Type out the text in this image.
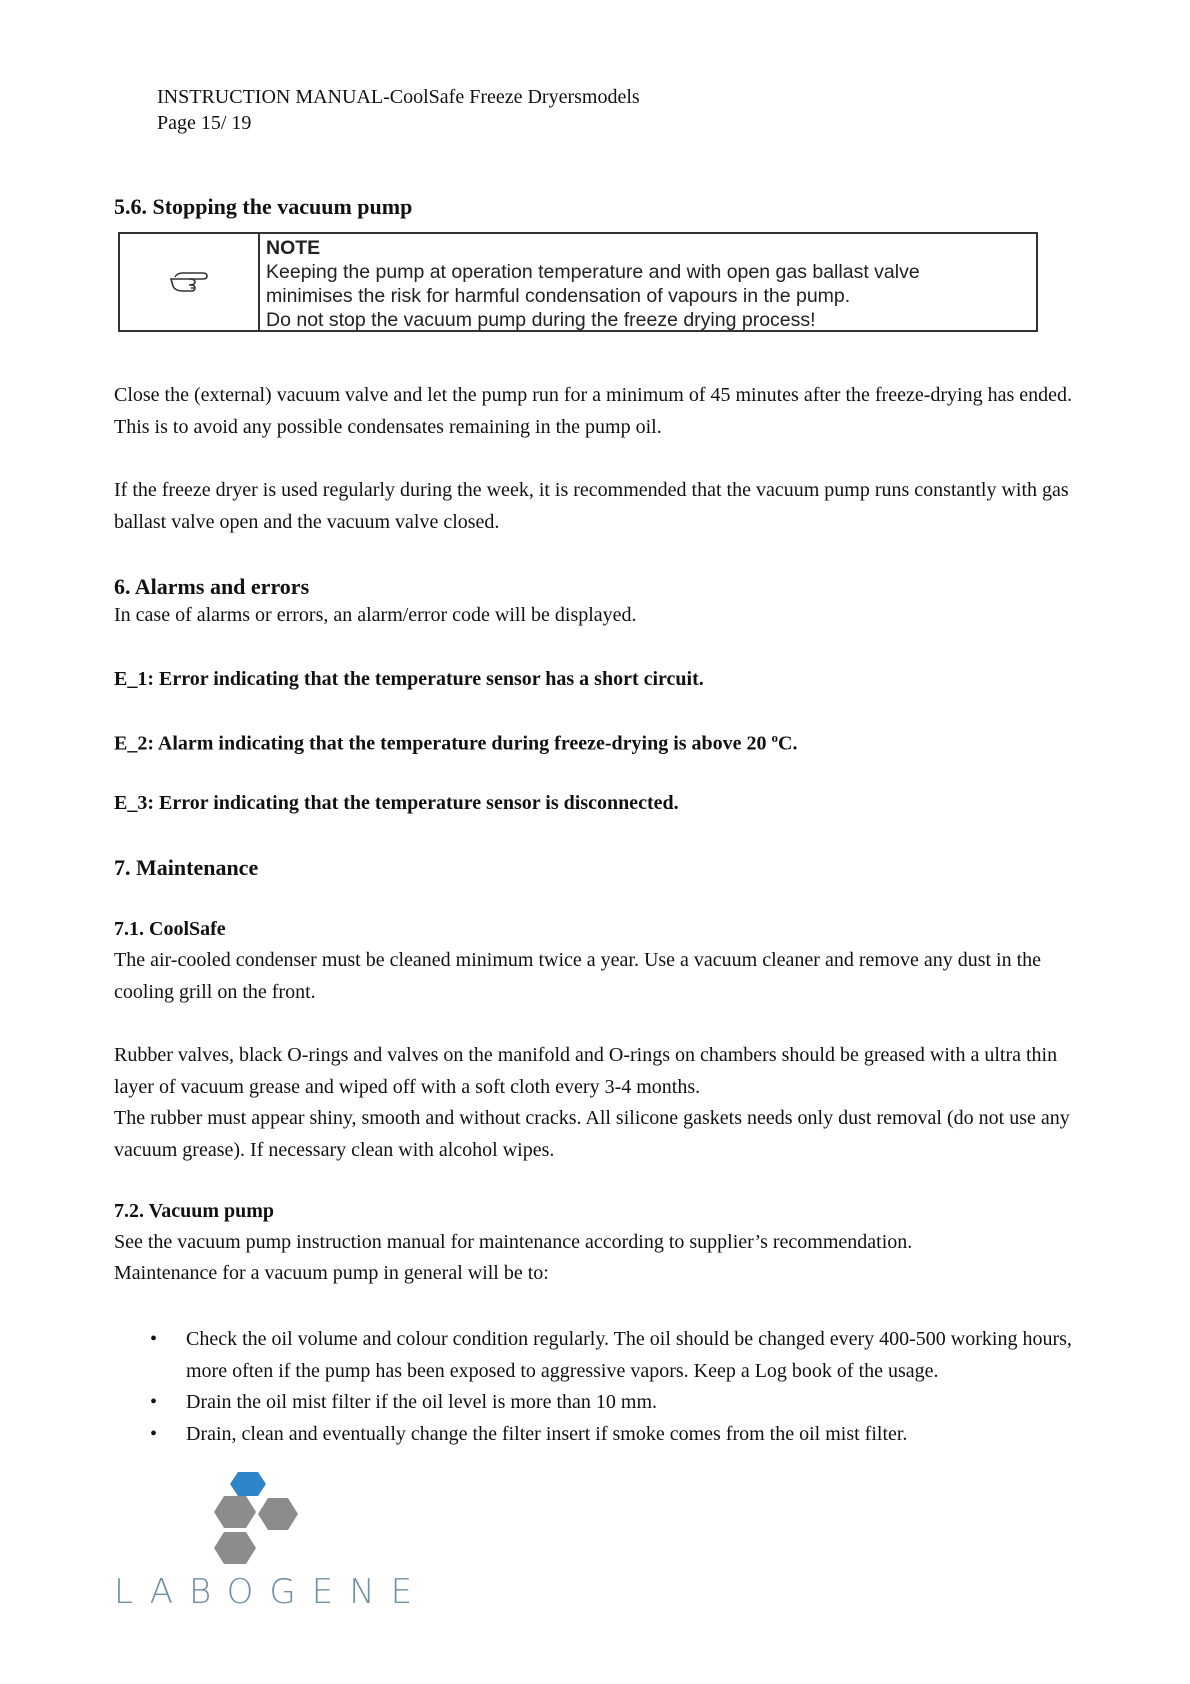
INSTRUCTION MANUAL-CoolSafe Freeze Dryersmodels
Page 15/ 19
5.6. Stopping the vacuum pump
NOTE
Keeping the pump at operation temperature and with open gas ballast valve
minimises the risk for harmful condensation of vapours in the pump.
Do not stop the vacuum pump during the freeze drying process!

Close the (external) vacuum valve and let the pump run for a minimum of 45 minutes after the freeze-drying has ended. This is to avoid any possible condensates remaining in the pump oil.

If the freeze dryer is used regularly during the week, it is recommended that the vacuum pump runs constantly with gas ballast valve open and the vacuum valve closed.

6. Alarms and errors
In case of alarms or errors, an alarm/error code will be displayed.
E_1: Error indicating that the temperature sensor has a short circuit.
E_2: Alarm indicating that the temperature during freeze-drying is above 20 $^o$C.
E_3: Error indicating that the temperature sensor is disconnected.
7. Maintenance
7.1. CoolSafe

The air-cooled condenser must be cleaned minimum twice a year. Use a vacuum cleaner and remove any dust in the cooling grill on the front.

Rubber valves, black O-rings and valves on the manifold and O-rings on chambers should be greased with a ultra thin layer of vacuum grease and wiped off with a soft cloth every 3-4 months.

The rubber must appear shiny, smooth and without cracks. All silicone gaskets needs only dust removal (do not use any vacuum grease). If necessary clean with alcohol wipes.

7.2. Vacuum pump

See the vacuum pump instruction manual for maintenance according to supplier’s recommendation.

Maintenance for a vacuum pump in general will be to:

• Check the oil volume and colour condition regularly. The oil should be changed every 400-500 working hours, more often if the pump has been exposed to aggressive vapors. Keep a Log book of the usage.
• Drain the oil mist filter if the oil level is more than 10 mm.
• Drain, clean and eventually change the filter insert if smoke comes from the oil mist filter.
LABOGENE
